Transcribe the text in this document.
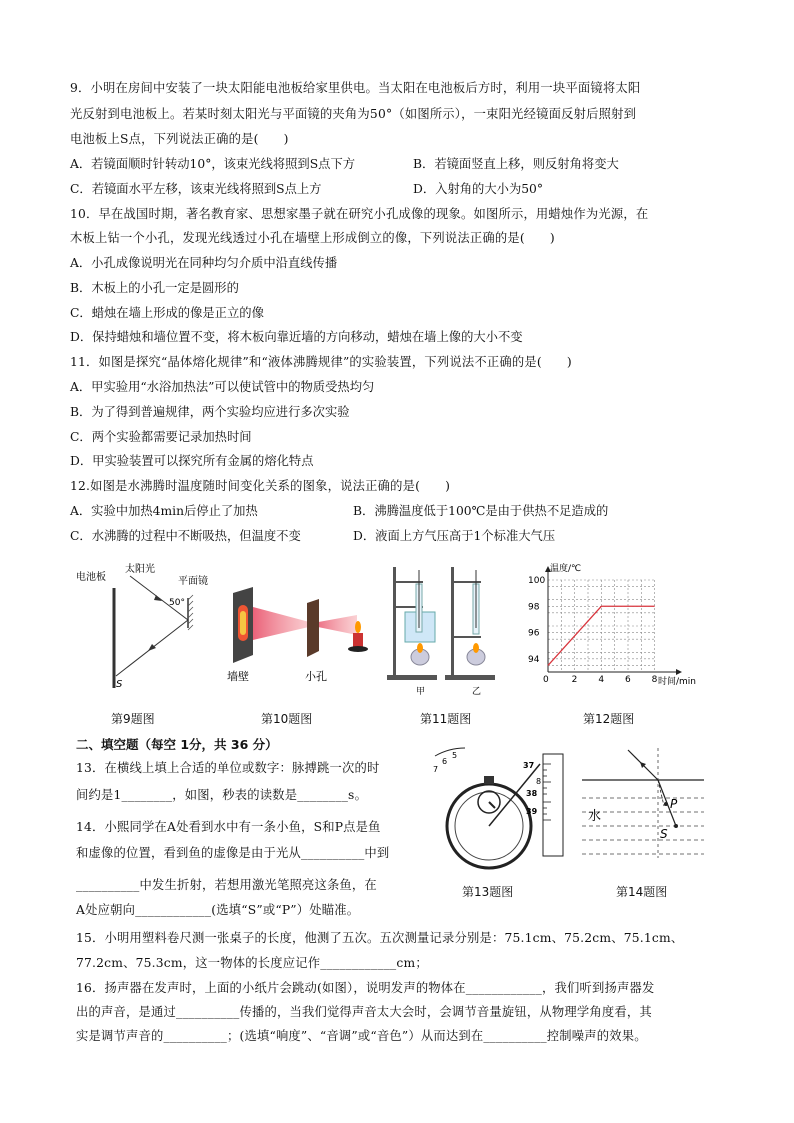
9．小明在房间中安装了一块太阳能电池板给家里供电。当太阳在电池板后方时，利用一块平面镜将太阳
光反射到电池板上。若某时刻太阳光与平面镜的夹角为50°（如图所示），一束阳光经镜面反射后照射到
电池板上S点，下列说法正确的是(　　)
A．若镜面顺时针转动10°，该束光线将照到S点下方	B．若镜面竖直上移，则反射角将变大
C．若镜面水平左移，该束光线将照到S点上方	D．入射角的大小为50°
10．早在战国时期，著名教育家、思想家墨子就在研究小孔成像的现象。如图所示，用蜡烛作为光源，在
木板上钻一个小孔，发现光线透过小孔在墙壁上形成倒立的像，下列说法正确的是(　　)
A．小孔成像说明光在同种均匀介质中沿直线传播
B．木板上的小孔一定是圆形的
C．蜡烛在墙上形成的像是正立的像
D．保持蜡烛和墙位置不变，将木板向靠近墙的方向移动，蜡烛在墙上像的大小不变
11．如图是探究“晶体熔化规律”和“液体沸腾规律”的实验装置，下列说法不正确的是(　　)
A．甲实验用“水浴加热法”可以使试管中的物质受热均匀
B．为了得到普遍规律，两个实验均应进行多次实验
C．两个实验都需要记录加热时间
D．甲实验装置可以探究所有金属的熔化特点
12.如图是水沸腾时温度随时间变化关系的图象，说法正确的是(　　)
A．实验中加热4min后停止了加热	B．沸腾温度低于100℃是由于供热不足造成的
C．水沸腾的过程中不断吸热，但温度不变	D．液面上方气压高于1个标准大气压
电池板
太阳光
平面镜
50°
S
第9题图
墙壁	小孔
第10题图
甲	乙
第11题图
温度/℃
时间/min
0	2 4 6 8
94
96
98
100
第12题图
二、填空题（每空 1分，共 36 分）
13．在横线上填上合适的单位或数字：脉搏跳一次的时
间约是1________，如图，秒表的读数是________s。
14．小熙同学在A处看到水中有一条小鱼，S和P点是鱼
和虚像的位置，看到鱼的虚像是由于光从__________中到
__________中发生折射，若想用激光笔照亮这条鱼，在
A处应朝向____________(选填“S”或“P”）处瞄准。
7
6
5
37
8
38
39
第13题图
P
S
水
第14题图
15．小明用塑料卷尺测一张桌子的长度，他测了五次。五次测量记录分别是：75.1cm、75.2cm、75.1cm、
77.2cm、75.3cm，这一物体的长度应记作____________cm；
16．扬声器在发声时，上面的小纸片会跳动(如图），说明发声的物体在____________，我们听到扬声器发
出的声音，是通过__________传播的，当我们觉得声音太大会时，会调节音量旋钮，从物理学角度看，其
实是调节声音的__________；(选填“响度”、“音调”或“音色”）从而达到在__________控制噪声的效果。
